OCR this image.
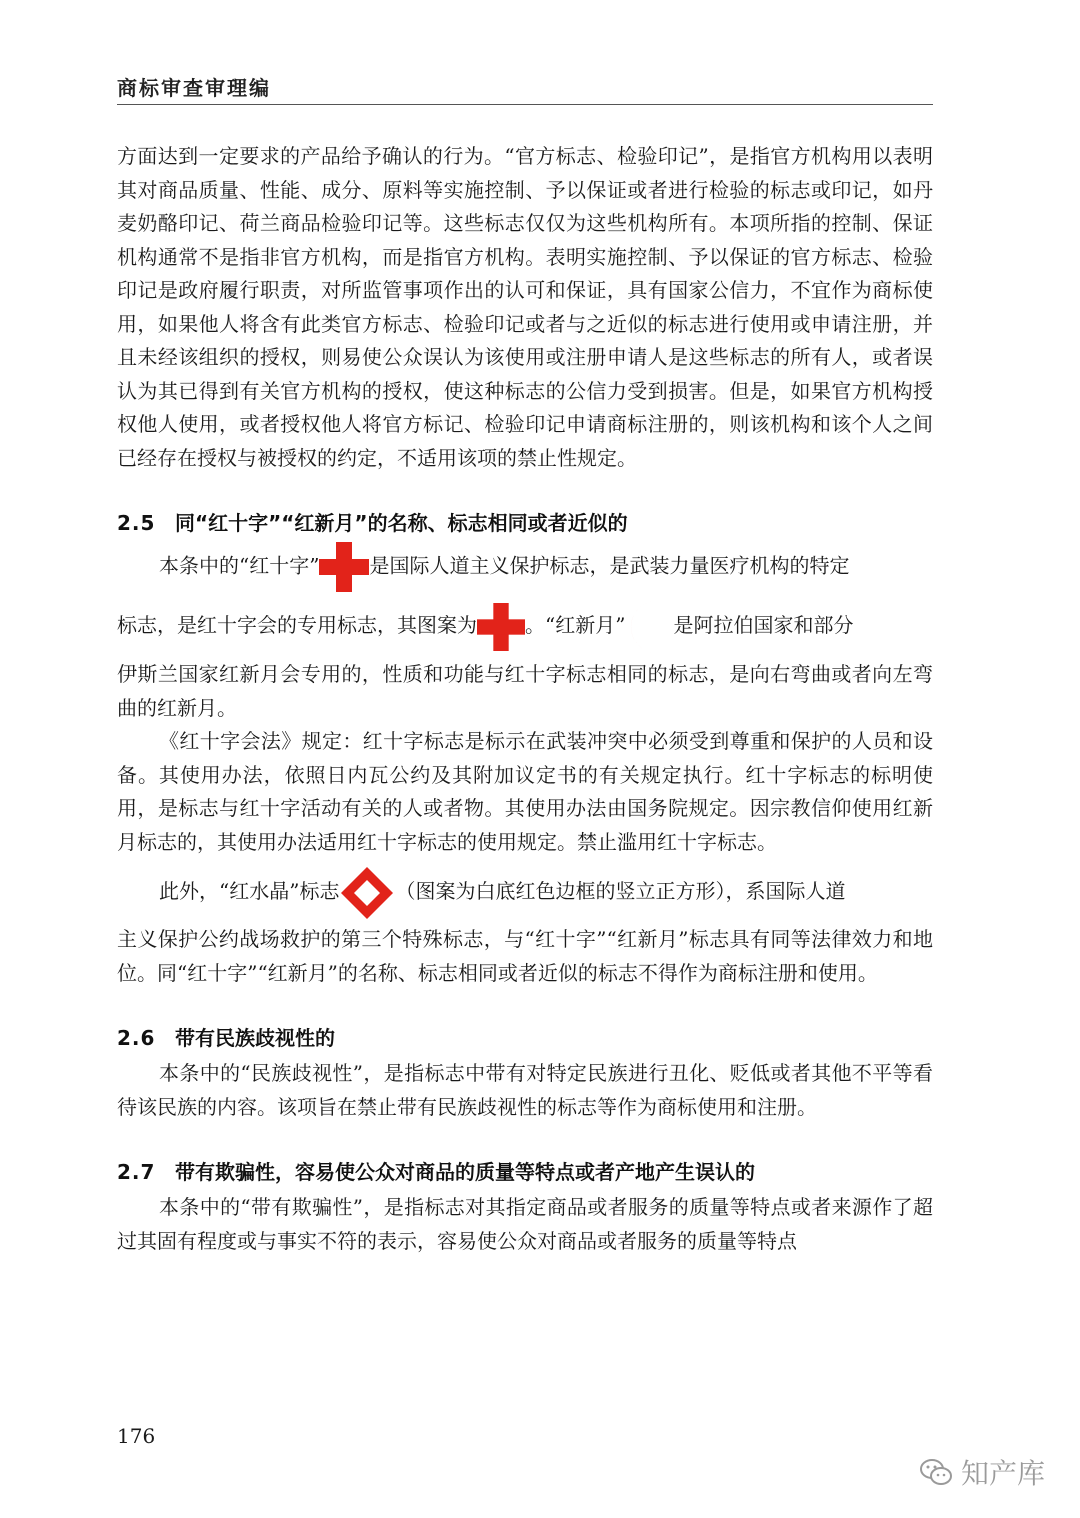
商标审查审理编

方面达到一定要求的产品给予确认的行为。“官方标志、检验印记”，是指官方机构用以表明其对商品质量、性能、成分、原料等实施控制、予以保证或者进行检验的标志或印记，如丹麦奶酪印记、荷兰商品检验印记等。这些标志仅仅为这些机构所有。本项所指的控制、保证机构通常不是指非官方机构，而是指官方机构。表明实施控制、予以保证的官方标志、检验印记是政府履行职责，对所监管事项作出的认可和保证，具有国家公信力，不宜作为商标使用，如果他人将含有此类官方标志、检验印记或者与之近似的标志进行使用或申请注册，并且未经该组织的授权，则易使公众误认为该使用或注册申请人是这些标志的所有人，或者误认为其已得到有关官方机构的授权，使这种标志的公信力受到损害。但是，如果官方机构授权他人使用，或者授权他人将官方标记、检验印记申请商标注册的，则该机构和该个人之间已经存在授权与被授权的约定，不适用该项的禁止性规定。

2.5 同“红十字”“红新月”的名称、标志相同或者近似的

本条中的“红十字”	是国际人道主义保护标志，是武装力量医疗机构的特定

标志，是红十字会的专用标志，其图案为 。“红新月” 是阿拉伯国家和部分

伊斯兰国家红新月会专用的，性质和功能与红十字标志相同的标志，是向右弯曲或者向左弯曲的红新月。

《红十字会法》规定：红十字标志是标示在武装冲突中必须受到尊重和保护的人员和设备。其使用办法，依照日内瓦公约及其附加议定书的有关规定执行。红十字标志的标明使用，是标志与红十字活动有关的人或者物。其使用办法由国务院规定。因宗教信仰使用红新月标志的，其使用办法适用红十字标志的使用规定。禁止滥用红十字标志。

此外，“红水晶”标志	（图案为白底红色边框的竖立正方形），系国际人道

主义保护公约战场救护的第三个特殊标志，与“红十字”“红新月”标志具有同等法律效力和地位。同“红十字”“红新月”的名称、标志相同或者近似的标志不得作为商标注册和使用。

2.6 带有民族歧视性的

本条中的“民族歧视性”，是指标志中带有对特定民族进行丑化、贬低或者其他不平等看待该民族的内容。该项旨在禁止带有民族歧视性的标志等作为商标使用和注册。

2.7 带有欺骗性，容易使公众对商品的质量等特点或者产地产生误认的

本条中的“带有欺骗性”，是指标志对其指定商品或者服务的质量等特点或者来源作了超过其固有程度或与事实不符的表示，容易使公众对商品或者服务的质量等特点

176
知产库
